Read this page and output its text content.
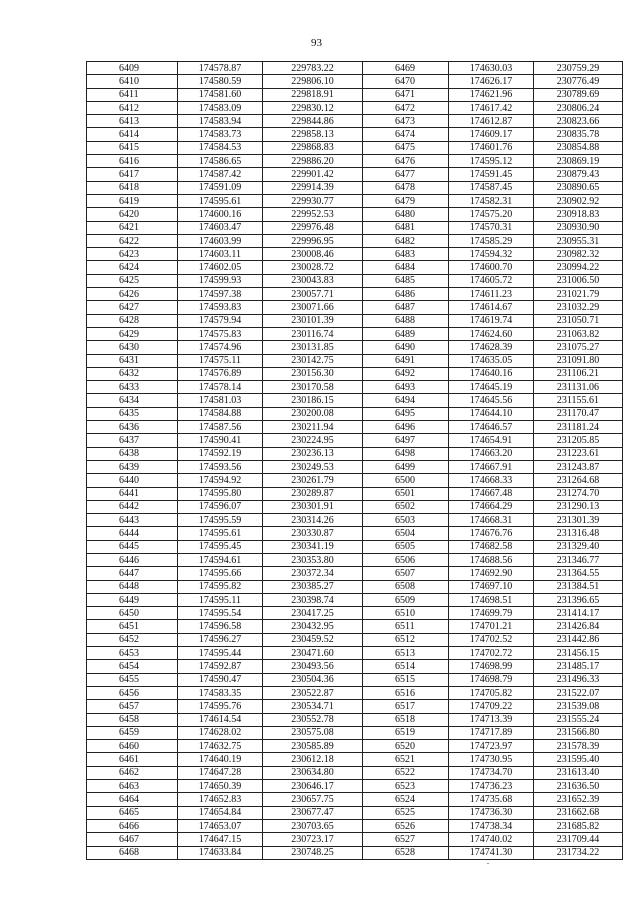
93
6409	174578.87	229783.22	6469	174630.03	230759.29
6410	174580.59	229806.10	6470	174626.17	230776.49
6411	174581.60	229818.91	6471	174621.96	230789.69
6412	174583.09	229830.12	6472	174617.42	230806.24
6413	174583.94	229844.86	6473	174612.87	230823.66
6414	174583.73	229858.13	6474	174609.17	230835.78
6415	174584.53	229868.83	6475	174601.76	230854.88
6416	174586.65	229886.20	6476	174595.12	230869.19
6417	174587.42	229901.42	6477	174591.45	230879.43
6418	174591.09	229914.39	6478	174587.45	230890.65
6419	174595.61	229930.77	6479	174582.31	230902.92
6420	174600.16	229952.53	6480	174575.20	230918.83
6421	174603.47	229976.48	6481	174570.31	230930.90
6422	174603.99	229996.95	6482	174585.29	230955.31
6423	174603.11	230008.46	6483	174594.32	230982.32
6424	174602.05	230028.72	6484	174600.70	230994.22
6425	174599.93	230043.83	6485	174605.72	231006.50
6426	174597.38	230057.71	6486	174611.23	231021.79
6427	174593.83	230071.66	6487	174614.67	231032.29
6428	174579.94	230101.39	6488	174619.74	231050.71
6429	174575.83	230116.74	6489	174624.60	231063.82
6430	174574.96	230131.85	6490	174628.39	231075.27
6431	174575.11	230142.75	6491	174635.05	231091.80
6432	174576.89	230156.30	6492	174640.16	231106.21
6433	174578.14	230170.58	6493	174645.19	231131.06
6434	174581.03	230186.15	6494	174645.56	231155.61
6435	174584.88	230200.08	6495	174644.10	231170.47
6436	174587.56	230211.94	6496	174646.57	231181.24
6437	174590.41	230224.95	6497	174654.91	231205.85
6438	174592.19	230236.13	6498	174663.20	231223.61
6439	174593.56	230249.53	6499	174667.91	231243.87
6440	174594.92	230261.79	6500	174668.33	231264.68
6441	174595.80	230289.87	6501	174667.48	231274.70
6442	174596.07	230301.91	6502	174664.29	231290.13
6443	174595.59	230314.26	6503	174668.31	231301.39
6444	174595.61	230330.87	6504	174676.76	231316.48
6445	174595.45	230341.19	6505	174682.58	231329.40
6446	174594.61	230353.80	6506	174688.56	231346.77
6447	174595.66	230372.34	6507	174692.90	231364.55
6448	174595.82	230385.27	6508	174697.10	231384.51
6449	174595.11	230398.74	6509	174698.51	231396.65
6450	174595.54	230417.25	6510	174699.79	231414.17
6451	174596.58	230432.95	6511	174701.21	231426.84
6452	174596.27	230459.52	6512	174702.52	231442.86
6453	174595.44	230471.60	6513	174702.72	231456.15
6454	174592.87	230493.56	6514	174698.99	231485.17
6455	174590.47	230504.36	6515	174698.79	231496.33
6456	174583.35	230522.87	6516	174705.82	231522.07
6457	174595.76	230534.71	6517	174709.22	231539.08
6458	174614.54	230552.78	6518	174713.39	231555.24
6459	174628.02	230575.08	6519	174717.89	231566.80
6460	174632.75	230585.89	6520	174723.97	231578.39
6461	174640.19	230612.18	6521	174730.95	231595.40
6462	174647.28	230634.80	6522	174734.70	231613.40
6463	174650.39	230646.17	6523	174736.23	231636.50
6464	174652.83	230657.75	6524	174735.68	231652.39
6465	174654.84	230677.47	6525	174736.30	231662.68
6466	174653.07	230703.65	6526	174738.34	231685.82
6467	174647.15	230723.17	6527	174740.02	231709.44
6468	174633.84	230748.25	6528	174741.30	231734.22
